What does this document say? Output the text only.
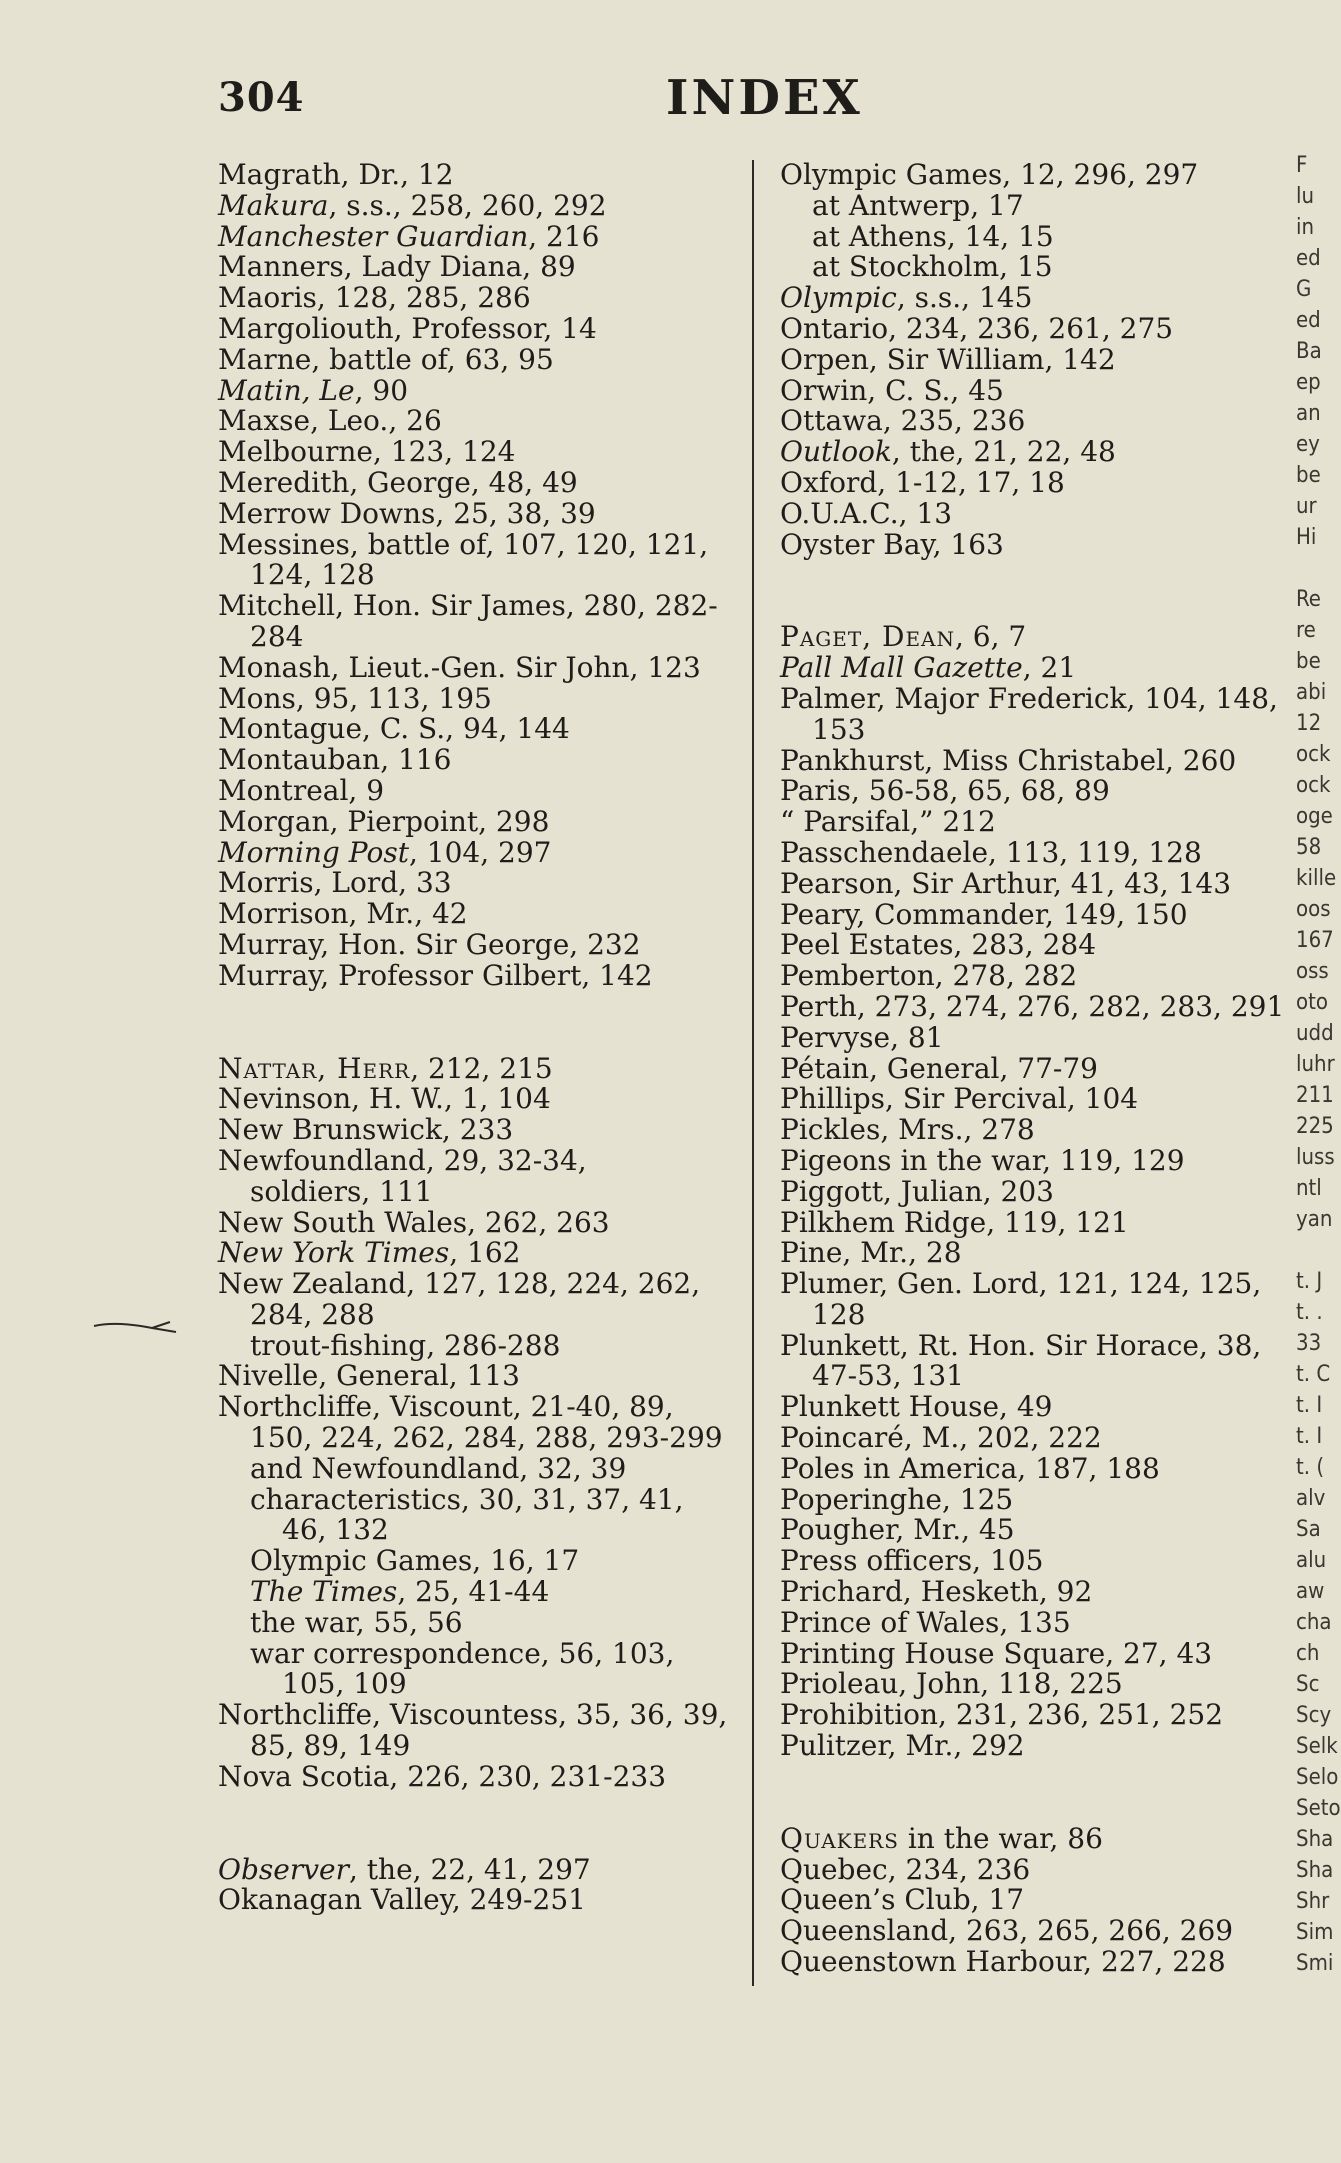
304	INDEX
Magrath, Dr., 12
Makura, s.s., 258, 260, 292
Manchester Guardian, 216
Manners, Lady Diana, 89
Maoris, 128, 285, 286
Margoliouth, Professor, 14
Marne, battle of, 63, 95
Matin, Le, 90
Maxse, Leo., 26
Melbourne, 123, 124
Meredith, George, 48, 49
Merrow Downs, 25, 38, 39
Messines, battle of, 107, 120, 121, 124, 128
Mitchell, Hon. Sir James, 280, 282-284
Monash, Lieut.-Gen. Sir John, 123
Mons, 95, 113, 195
Montague, C. S., 94, 144
Montauban, 116
Montreal, 9
Morgan, Pierpoint, 298
Morning Post, 104, 297
Morris, Lord, 33
Morrison, Mr., 42
Murray, Hon. Sir George, 232
Murray, Professor Gilbert, 142
Nattar, Herr, 212, 215
Nevinson, H. W., 1, 104
New Brunswick, 233
Newfoundland, 29, 32-34,
soldiers, 111
New South Wales, 262, 263
New York Times, 162
New Zealand, 127, 128, 224, 262, 284, 288
trout-fishing, 286-288
Nivelle, General, 113
Northcliffe, Viscount, 21-40, 89, 150, 224, 262, 284, 288, 293-299
and Newfoundland, 32, 39
characteristics, 30, 31, 37, 41, 46, 132
Olympic Games, 16, 17
The Times, 25, 41-44
the war, 55, 56
war correspondence, 56, 103, 105, 109
Northcliffe, Viscountess, 35, 36, 39, 85, 89, 149
Nova Scotia, 226, 230, 231-233
Observer, the, 22, 41, 297
Okanagan Valley, 249-251
Olympic Games, 12, 296, 297
at Antwerp, 17
at Athens, 14, 15
at Stockholm, 15
Olympic, s.s., 145
Ontario, 234, 236, 261, 275
Orpen, Sir William, 142
Orwin, C. S., 45
Ottawa, 235, 236
Outlook, the, 21, 22, 48
Oxford, 1-12, 17, 18
O.U.A.C., 13
Oyster Bay, 163
Paget, Dean, 6, 7
Pall Mall Gazette, 21
Palmer, Major Frederick, 104, 148, 153
Pankhurst, Miss Christabel, 260
Paris, 56-58, 65, 68, 89
“ Parsifal,” 212
Passchendaele, 113, 119, 128
Pearson, Sir Arthur, 41, 43, 143
Peary, Commander, 149, 150
Peel Estates, 283, 284
Pemberton, 278, 282
Perth, 273, 274, 276, 282, 283, 291
Pervyse, 81
Pétain, General, 77-79
Phillips, Sir Percival, 104
Pickles, Mrs., 278
Pigeons in the war, 119, 129
Piggott, Julian, 203
Pilkhem Ridge, 119, 121
Pine, Mr., 28
Plumer, Gen. Lord, 121, 124, 125, 128
Plunkett, Rt. Hon. Sir Horace, 38, 47-53, 131
Plunkett House, 49
Poincaré, M., 202, 222
Poles in America, 187, 188
Poperinghe, 125
Pougher, Mr., 45
Press officers, 105
Prichard, Hesketh, 92
Prince of Wales, 135
Printing House Square, 27, 43
Prioleau, John, 118, 225
Prohibition, 231, 236, 251, 252
Pulitzer, Mr., 292
Quakers in the war, 86
Quebec, 234, 236
Queen’s Club, 17
Queensland, 263, 265, 266, 269
Queenstown Harbour, 227, 228
F
lu
in
ed
G
ed
Ba
ep
an
ey
be
ur
Hi

Re
re
be
abi
12
ock
ock
oge
58
kille
oos
167
oss
oto
udd
luhr
211
225
luss
ntl
yan

t. J
t. .
33
t. C
t. I
t. I
t. (
alv
Sa
alu
aw
cha
ch
Sc
Scy
Selk
Selo
Seto
Sha
Sha
Shr
Sim
Smi
